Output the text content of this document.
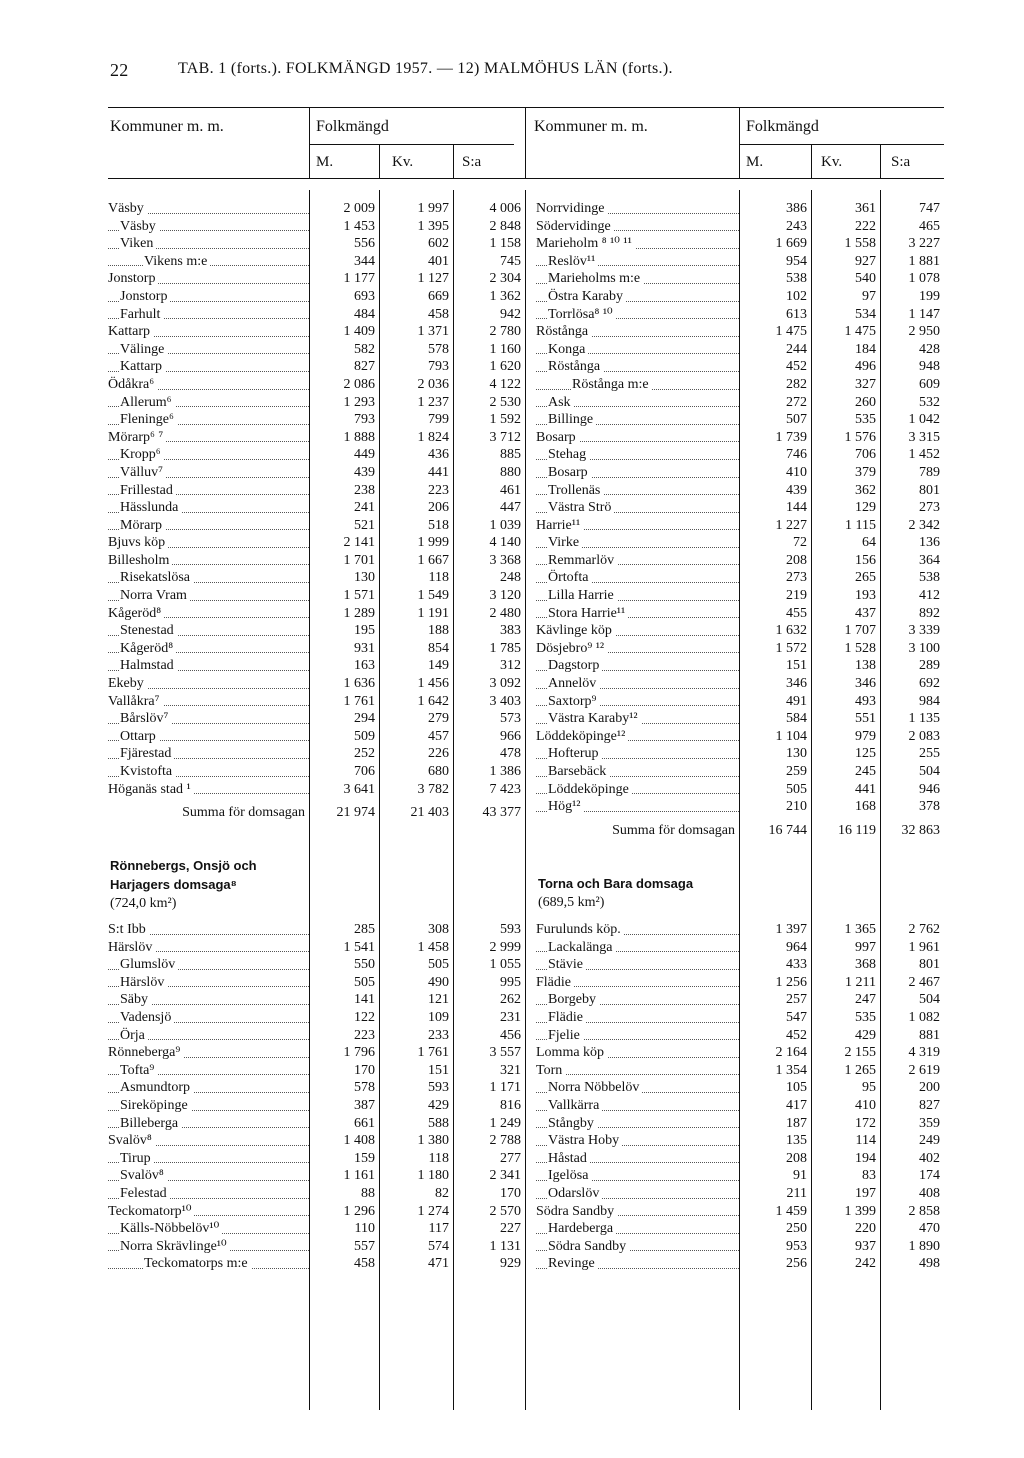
22	TAB. 1 (forts.). FOLKMÄNGD 1957. — 12) MALMÖHUS LÄN (forts.).
Kommuner m. m.	Folkmängd
M.	Kv.	S:a
Kommuner m. m.	Folkmängd
M.	Kv.	S:a
Väsby	2 009	1 997	4 006

Väsby	1 453	1 395	2 848

Viken	556	602	1 158

Vikens m:e	344	401	745

Jonstorp	1 177	1 127	2 304

Jonstorp	693	669	1 362

Farhult	484	458	942

Kattarp	1 409	1 371	2 780

Välinge	582	578	1 160

Kattarp	827	793	1 620

Ödåkra⁶	2 086	2 036	4 122

Allerum⁶	1 293	1 237	2 530

Fleninge⁶	793	799	1 592

Mörarp⁶ ⁷	1 888	1 824	3 712

Kropp⁶	449	436	885

Välluv⁷	439	441	880

Frillestad	238	223	461

Hässlunda	241	206	447

Mörarp	521	518	1 039

Bjuvs köp	2 141	1 999	4 140

Billesholm	1 701	1 667	3 368

Risekatslösa	130	118	248

Norra Vram	1 571	1 549	3 120

Kågeröd⁸	1 289	1 191	2 480

Stenestad	195	188	383

Kågeröd⁸	931	854	1 785

Halmstad	163	149	312

Ekeby	1 636	1 456	3 092

Vallåkra⁷	1 761	1 642	3 403

Bårslöv⁷	294	279	573

Ottarp	509	457	966

Fjärestad	252	226	478

Kvistofta	706	680	1 386

Höganäs stad ¹	3 641	3 782	7 423
Summa för domsagan	21 974	21 403	43 377
Norrvidinge	386	361	747

Södervidinge	243	222	465

Marieholm ⁸ ¹⁰ ¹¹	1 669	1 558	3 227

Reslöv¹¹	954	927	1 881

Marieholms m:e	538	540	1 078

Östra Karaby	102	97	199

Torrlösa⁸ ¹⁰	613	534	1 147

Röstånga	1 475	1 475	2 950

Konga	244	184	428

Röstånga	452	496	948

Röstånga m:e	282	327	609

Ask	272	260	532

Billinge	507	535	1 042

Bosarp	1 739	1 576	3 315

Stehag	746	706	1 452

Bosarp	410	379	789

Trollenäs	439	362	801

Västra Strö	144	129	273

Harrie¹¹	1 227	1 115	2 342

Virke	72	64	136

Remmarlöv	208	156	364

Örtofta	273	265	538

Lilla Harrie	219	193	412

Stora Harrie¹¹	455	437	892

Kävlinge köp	1 632	1 707	3 339

Dösjebro⁹ ¹²	1 572	1 528	3 100

Dagstorp	151	138	289

Annelöv	346	346	692

Saxtorp⁹	491	493	984

Västra Karaby¹²	584	551	1 135

Löddeköpinge¹²	1 104	979	2 083

Hofterup	130	125	255

Barsebäck	259	245	504

Löddeköpinge	505	441	946

Hög¹²	210	168	378
Summa för domsagan	16 744	16 119	32 863
Rönnebergs, Onsjö och
Harjagers domsaga⁸
(724,0 km²)
Torna och Bara domsaga
(689,5 km²)
S:t Ibb	285	308	593

Härslöv	1 541	1 458	2 999

Glumslöv	550	505	1 055

Härslöv	505	490	995

Säby	141	121	262

Vadensjö	122	109	231

Örja	223	233	456

Rönneberga⁹	1 796	1 761	3 557

Tofta⁹	170	151	321

Asmundtorp	578	593	1 171

Sireköpinge	387	429	816

Billeberga	661	588	1 249

Svalöv⁸	1 408	1 380	2 788

Tirup	159	118	277

Svalöv⁸	1 161	1 180	2 341

Felestad	88	82	170

Teckomatorp¹⁰	1 296	1 274	2 570

Källs-Nöbbelöv¹⁰	110	117	227

Norra Skrävlinge¹⁰	557	574	1 131

Teckomatorps m:e	458	471	929
Furulunds köp.	1 397	1 365	2 762

Lackalänga	964	997	1 961

Stävie	433	368	801

Flädie	1 256	1 211	2 467

Borgeby	257	247	504

Flädie	547	535	1 082

Fjelie	452	429	881

Lomma köp	2 164	2 155	4 319

Torn	1 354	1 265	2 619

Norra Nöbbelöv	105	95	200

Vallkärra	417	410	827

Stångby	187	172	359

Västra Hoby	135	114	249

Håstad	208	194	402

Igelösa	91	83	174

Odarslöv	211	197	408

Södra Sandby	1 459	1 399	2 858

Hardeberga	250	220	470

Södra Sandby	953	937	1 890

Revinge	256	242	498
